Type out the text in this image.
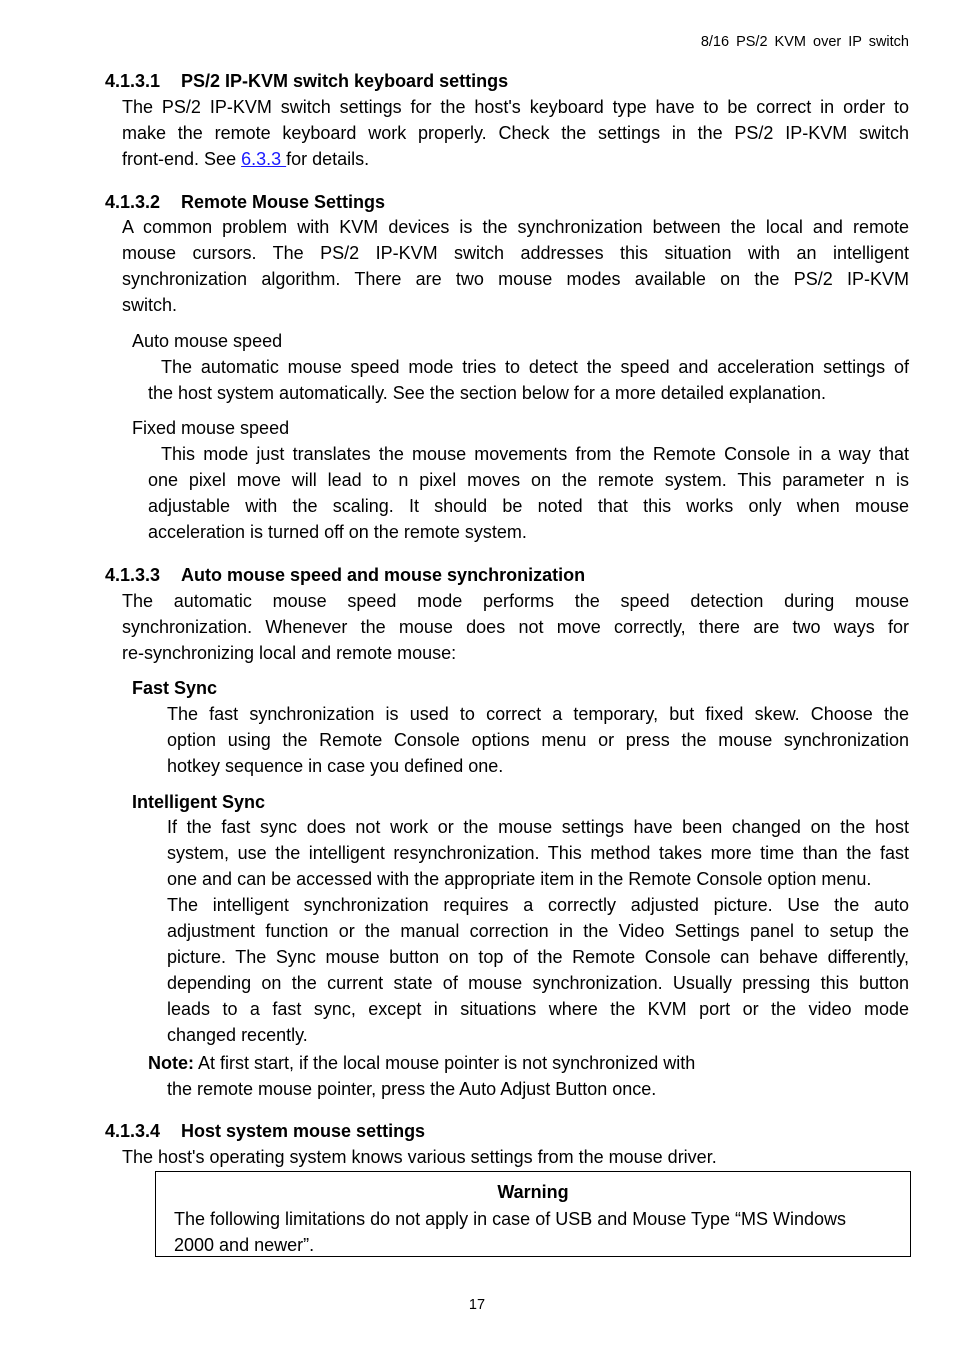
8/16 PS/2 KVM over IP switch
4.1.3.1 PS/2 IP-KVM switch keyboard settings
The PS/2 IP-KVM switch settings for the host's keyboard type have to be correct in order to
make the remote keyboard work properly. Check the settings in the PS/2 IP-KVM switch
front-end. See 6.3.3 for details.
4.1.3.2 Remote Mouse Settings
A common problem with KVM devices is the synchronization between the local and remote
mouse cursors. The PS/2 IP-KVM switch addresses this situation with an intelligent
synchronization algorithm. There are two mouse modes available on the PS/2 IP-KVM
switch.
Auto mouse speed
The automatic mouse speed mode tries to detect the speed and acceleration settings of
the host system automatically. See the section below for a more detailed explanation.
Fixed mouse speed
This mode just translates the mouse movements from the Remote Console in a way that
one pixel move will lead to n pixel moves on the remote system. This parameter n is
adjustable with the scaling. It should be noted that this works only when mouse
acceleration is turned off on the remote system.
4.1.3.3 Auto mouse speed and mouse synchronization
The automatic mouse speed mode performs the speed detection during mouse
synchronization. Whenever the mouse does not move correctly, there are two ways for
re-synchronizing local and remote mouse:
Fast Sync
The fast synchronization is used to correct a temporary, but fixed skew. Choose the
option using the Remote Console options menu or press the mouse synchronization
hotkey sequence in case you defined one.
Intelligent Sync
If the fast sync does not work or the mouse settings have been changed on the host
system, use the intelligent resynchronization. This method takes more time than the fast
one and can be accessed with the appropriate item in the Remote Console option menu.
The intelligent synchronization requires a correctly adjusted picture. Use the auto
adjustment function or the manual correction in the Video Settings panel to setup the
picture. The Sync mouse button on top of the Remote Console can behave differently,
depending on the current state of mouse synchronization. Usually pressing this button
leads to a fast sync, except in situations where the KVM port or the video mode
changed recently.
Note: At first start, if the local mouse pointer is not synchronized with
the remote mouse pointer, press the Auto Adjust Button once.
4.1.3.4 Host system mouse settings
The host's operating system knows various settings from the mouse driver.
Warning
The following limitations do not apply in case of USB and Mouse Type “MS Windows
2000 and newer”.
17
